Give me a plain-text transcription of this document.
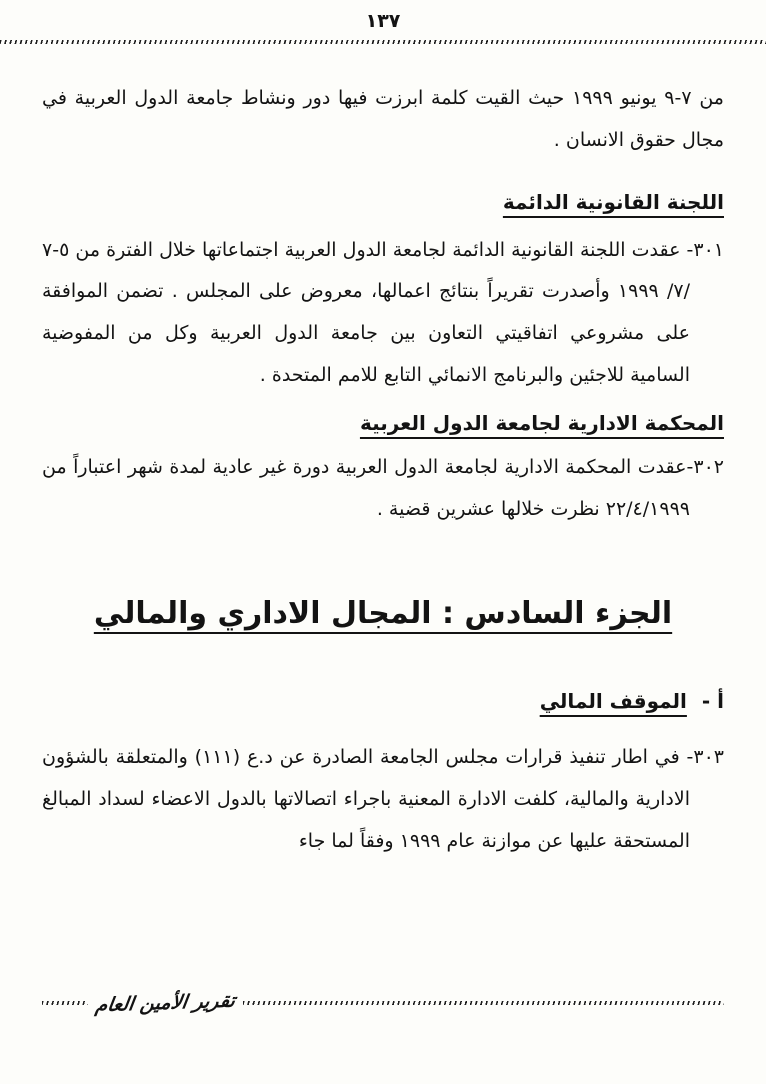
١٣٧

من ٧-٩ يونيو ١٩٩٩ حيث القيت كلمة ابرزت فيها دور ونشاط جامعة الدول العربية في مجال حقوق الانسان .

اللجنة القانونية الدائمة

٣٠١- عقدت اللجنة القانونية الدائمة لجامعة الدول العربية اجتماعاتها خلال الفترة من ٥-٧ /٧/ ١٩٩٩ وأصدرت تقريراً بنتائج اعمالها، معروض على المجلس . تضمن الموافقة على مشروعي اتفاقيتي التعاون بين جامعة الدول العربية وكل من المفوضية السامية للاجئين والبرنامج الانمائي التابع للامم المتحدة .

المحكمة الادارية لجامعة الدول العربية

٣٠٢-عقدت المحكمة الادارية لجامعة الدول العربية دورة غير عادية لمدة شهر اعتباراً من ٢٢/٤/١٩٩٩ نظرت خلالها عشرين قضية .

الجزء السادس : المجال الاداري والمالي
أ - الموقف المالي

٣٠٣- في اطار تنفيذ قرارات مجلس الجامعة الصادرة عن د.ع (١١١) والمتعلقة بالشؤون الادارية والمالية، كلفت الادارة المعنية باجراء اتصالاتها بالدول الاعضاء لسداد المبالغ المستحقة عليها عن موازنة عام ١٩٩٩ وفقاً لما جاء

تقرير الأمين العام
